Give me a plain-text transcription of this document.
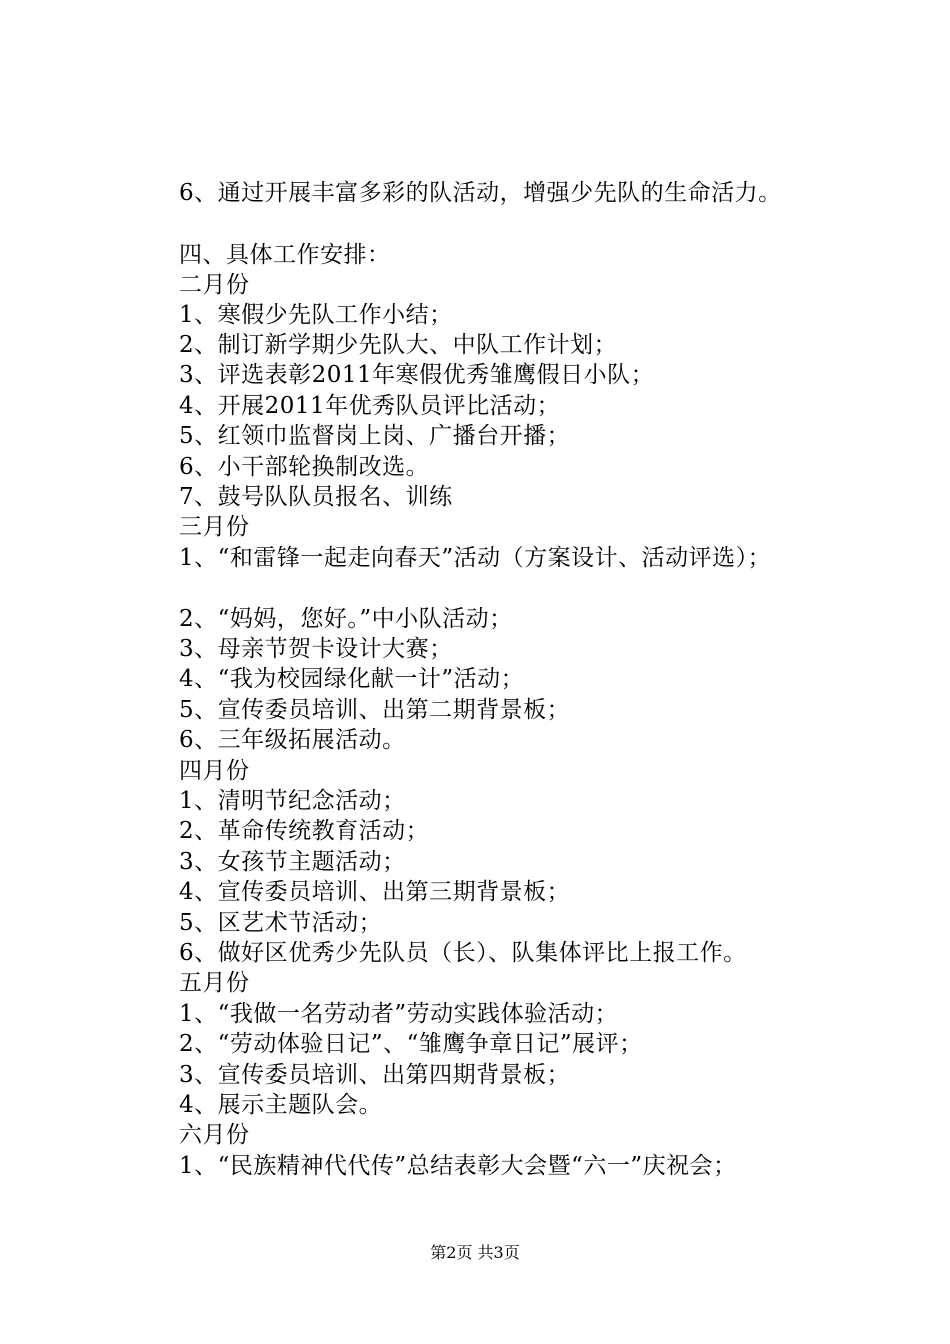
6、通过开展丰富多彩的队活动，增强少先队的生命活力。
四、具体工作安排：
二月份
1、寒假少先队工作小结；
2、制订新学期少先队大、中队工作计划；
3、评选表彰2011年寒假优秀雏鹰假日小队；
4、开展2011年优秀队员评比活动；
5、红领巾监督岗上岗、广播台开播；
6、小干部轮换制改选。
7、鼓号队队员报名、训练
三月份
1、“和雷锋一起走向春天”活动（方案设计、活动评选）；
2、“妈妈，您好。”中小队活动；
3、母亲节贺卡设计大赛；
4、“我为校园绿化献一计”活动；
5、宣传委员培训、出第二期背景板；
6、三年级拓展活动。
四月份
1、清明节纪念活动；
2、革命传统教育活动；
3、女孩节主题活动；
4、宣传委员培训、出第三期背景板；
5、区艺术节活动；
6、做好区优秀少先队员（长）、队集体评比上报工作。
五月份
1、“我做一名劳动者”劳动实践体验活动；
2、“劳动体验日记”、“雏鹰争章日记”展评；
3、宣传委员培训、出第四期背景板；
4、展示主题队会。
六月份
1、“民族精神代代传”总结表彰大会暨“六一”庆祝会；
第2页 共3页
